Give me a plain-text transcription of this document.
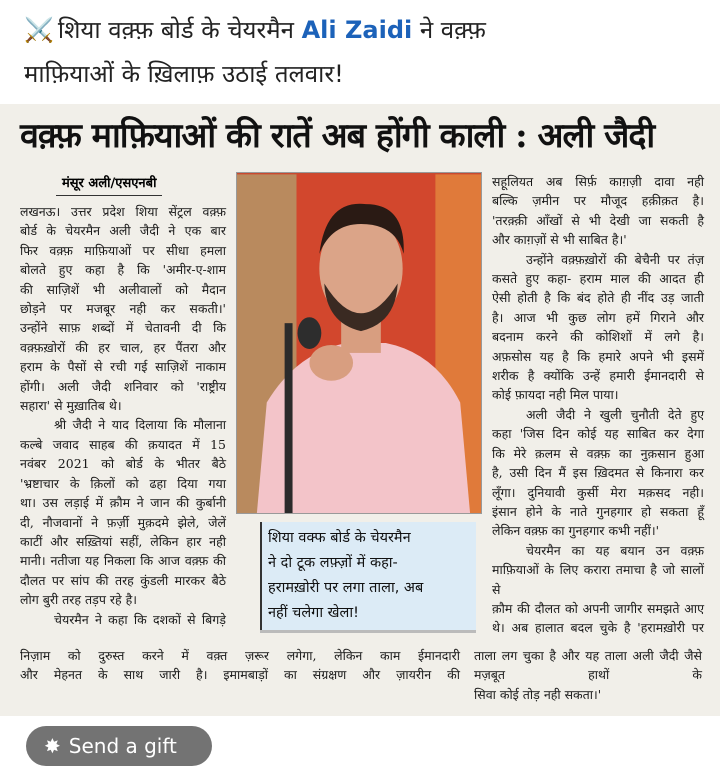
⚔️ शिया वक़्फ़ बोर्ड के चेयरमैन Ali Zaidi ने वक़्फ़
माफ़ियाओं के ख़िलाफ़ उठाई तलवार!
वक़्फ़ माफ़ियाओं की रातें अब होंगी काली : अली जैदी
मंसूर अली/एसएनबी
लखनऊ। उत्तर प्रदेश शिया सेंट्रल वक़्फ़
बोर्ड के चेयरमैन अली जैदी ने एक बार
फिर वक़्फ़ माफ़ियाओं पर सीधा हमला
बोलते हुए कहा है कि 'अमीर-ए-शाम
की साज़िशें भी अलीवालों को मैदान
छोड़ने पर मजबूर नही कर सकती।'
उन्होंने साफ़ शब्दों में चेतावनी दी कि
वक़्फ़ख़ोरों की हर चाल, हर पैंतरा और
हराम के पैसों से रची गई साज़िशें नाकाम
होंगी। अली जैदी शनिवार को 'राष्ट्रीय
सहारा' से मुख़ातिब थे।
श्री जैदी ने याद दिलाया कि मौलाना
कल्बे जवाद साहब की क़यादत में 15
नवंबर 2021 को बोर्ड के भीतर बैठे
'भ्रष्टाचार के क़िलों को ढहा दिया गया
था। उस लड़ाई में क़ौम ने जान की कुर्बानी
दी, नौजवानों ने फ़र्ज़ी मुक़दमे झेले, जेलें
काटीं और सख़्तियां सहीं, लेकिन हार नही
मानी। नतीजा यह निकला कि आज वक़्फ़ की
दौलत पर सांप की तरह कुंडली मारकर बैठे
लोग बुरी तरह तड़प रहे है।
चेयरमैन ने कहा कि दशकों से बिगड़े
शिया वक्फ बोर्ड के चेयरमैन
ने दो टूक लफ़्ज़ों में कहा-
हरामख़ोरी पर लगा ताला, अब
नहीं चलेगा खेला!
सहूलियत अब सिर्फ़ काग़ज़ी दावा नही
बल्कि ज़मीन पर मौजूद हक़ीक़त है।
'तरक़्क़ी आँखों से भी देखी जा सकती है
और काग़ज़ों से भी साबित है।'
उन्होंने वक़्फ़ख़ोरों की बेचैनी पर तंज़
कसते हुए कहा- हराम माल की आदत ही
ऐसी होती है कि बंद होते ही नींद उड़ जाती
है। आज भी कुछ लोग हमें गिराने और
बदनाम करने की कोशिशों में लगे है।
अफ़सोस यह है कि हमारे अपने भी इसमें
शरीक है क्योंकि उन्हें हमारी ईमानदारी से
कोई फ़ायदा नही मिल पाया।
अली जैदी ने खुली चुनौती देते हुए
कहा 'जिस दिन कोई यह साबित कर देगा
कि मेरे क़लम से वक़्फ़ का नुक़सान हुआ
है, उसी दिन मैं इस ख़िदमत से किनारा कर
लूँगा। दुनियावी कुर्सी मेरा मक़सद नही।
इंसान होने के नाते गुनहगार हो सकता हूँ
लेकिन वक़्फ़ का गुनहगार कभी नहीं।'
चेयरमैन का यह बयान उन वक़्फ़
माफ़ियाओं के लिए करारा तमाचा है जो सालों से
क़ौम की दौलत को अपनी जागीर समझते आए
थे। अब हालात बदल चुके है 'हरामख़ोरी पर
निज़ाम को दुरुस्त करने में वक़्त ज़रूर लगेगा, लेकिन काम ईमानदारी
और मेहनत के साथ जारी है। इमामबाड़ों का संग्रक्षण और ज़ायरीन की
ताला लग चुका है और यह ताला अली जैदी जैसे मज़बूत हाथों के
सिवा कोई तोड़ नही सकता।'
✸ Send a gift
